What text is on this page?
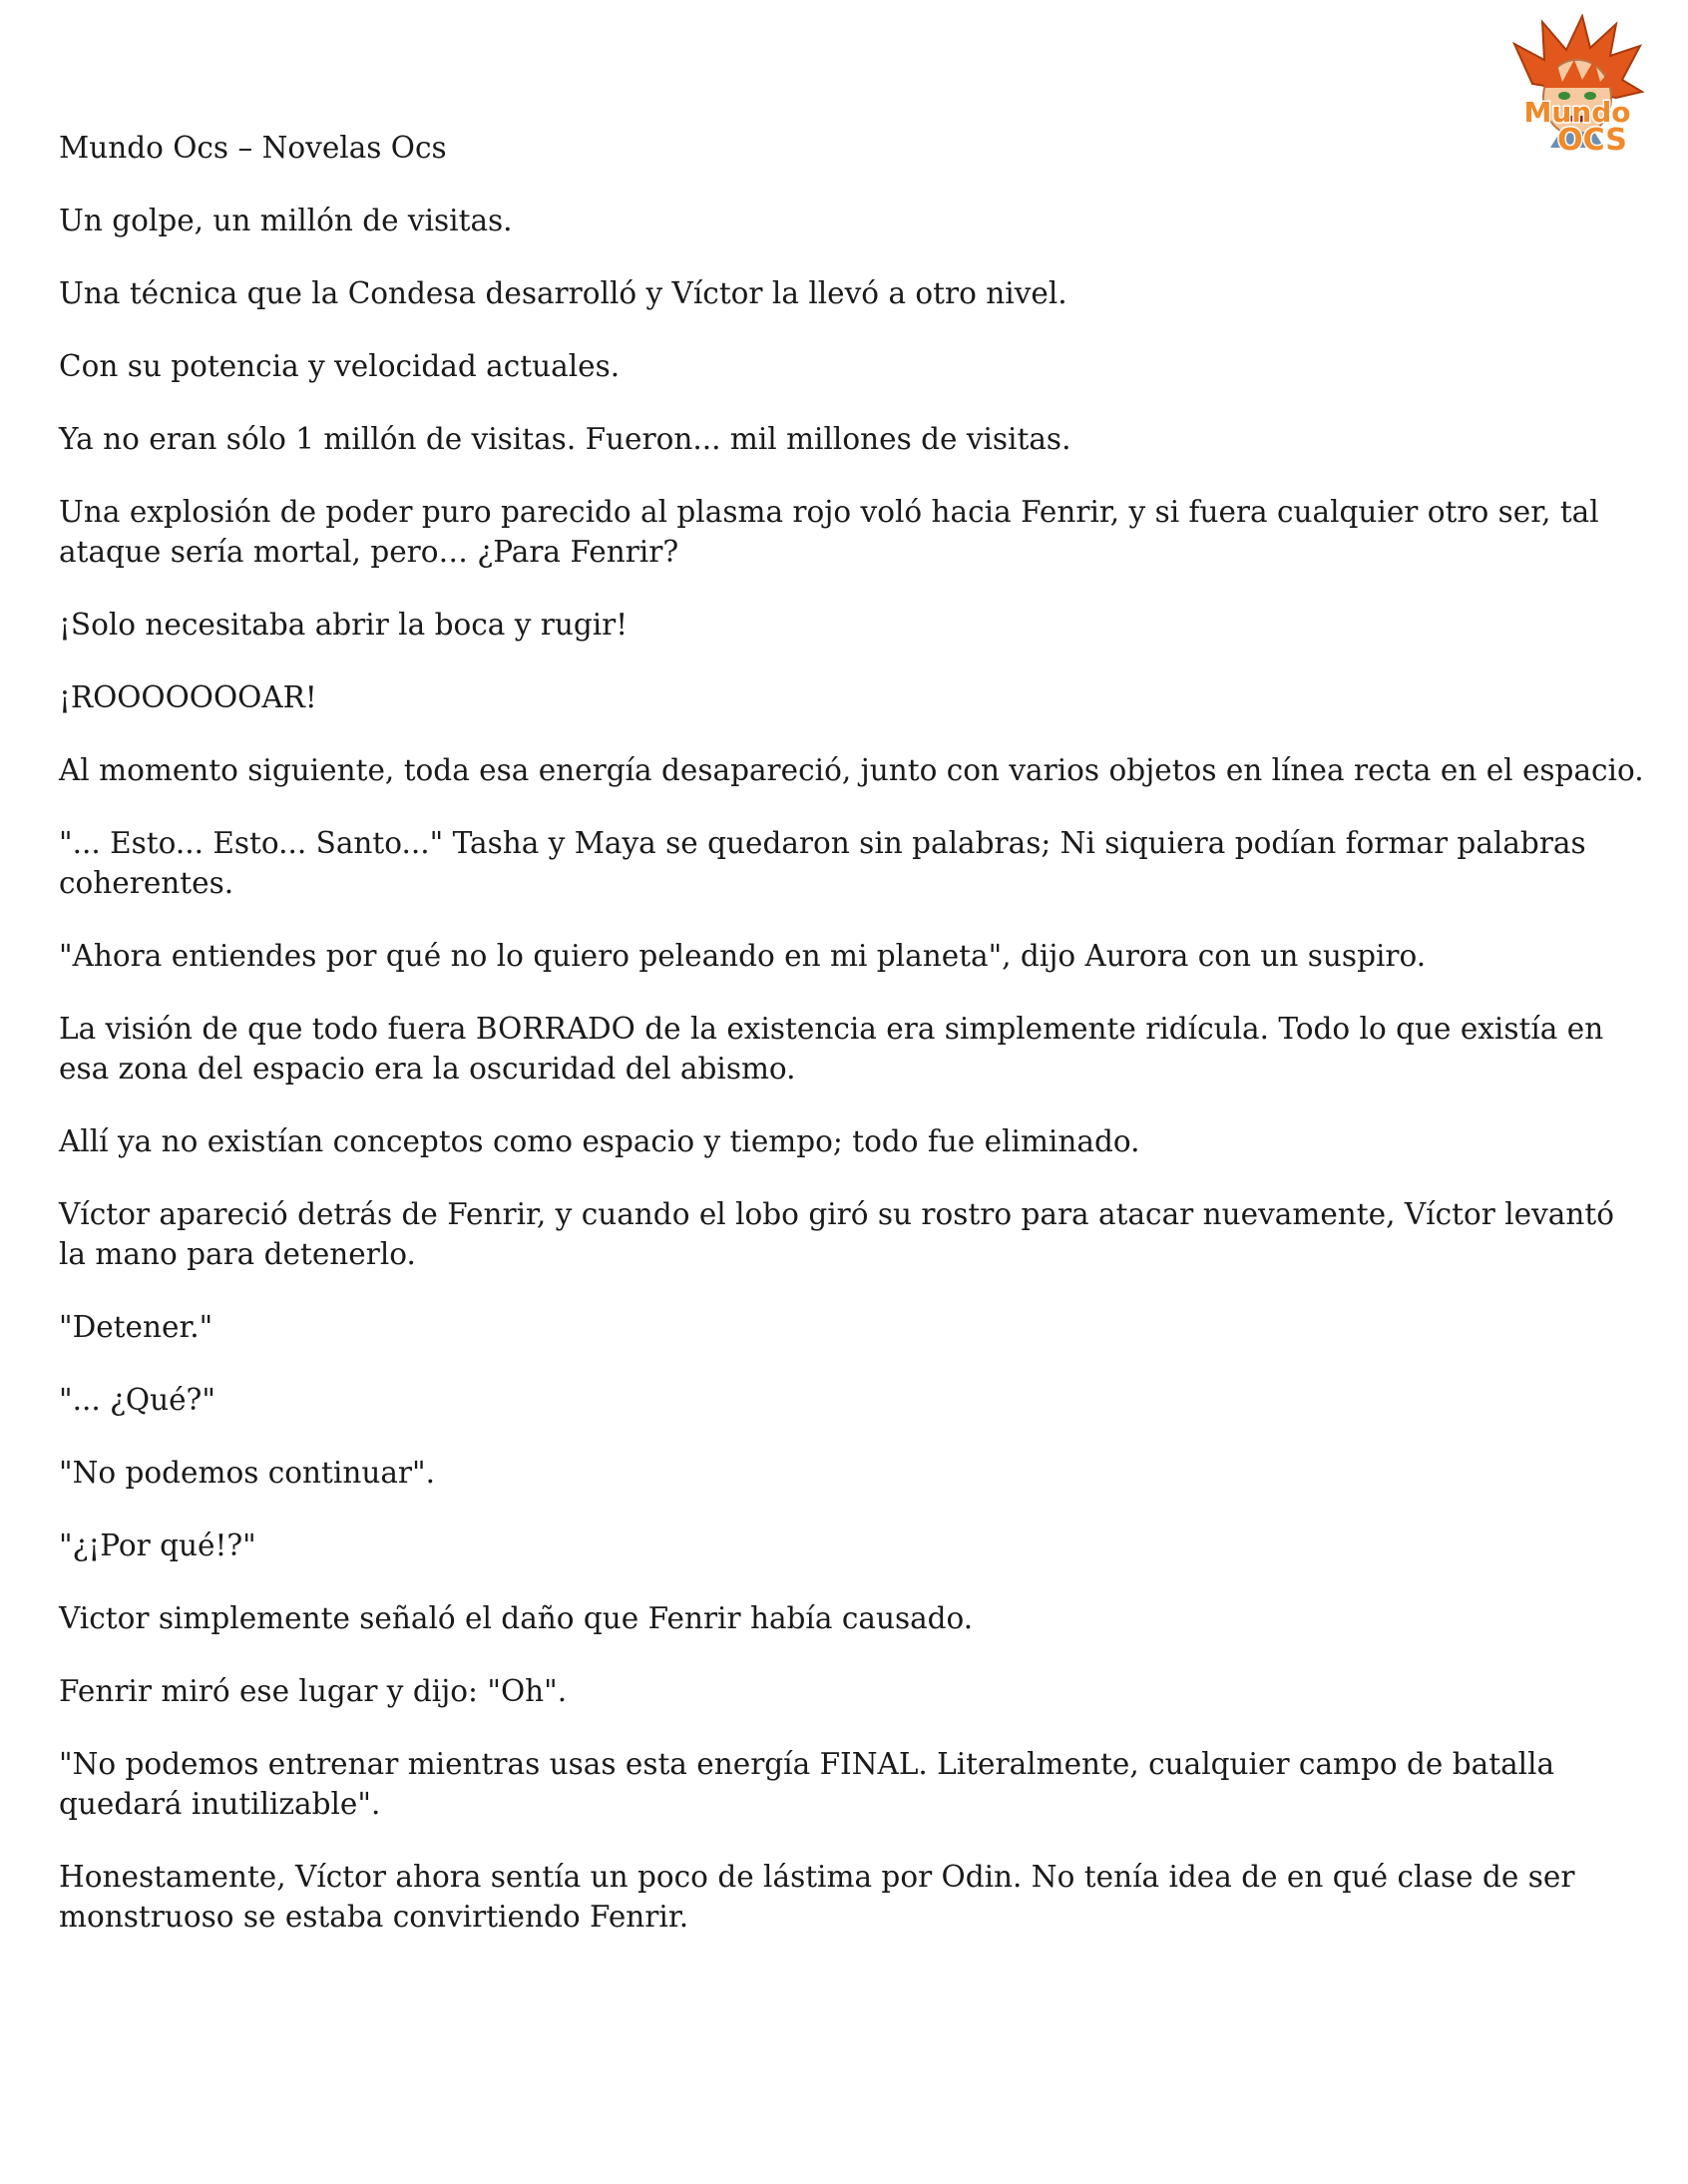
Mundo
OCS
Mundo Ocs – Novelas Ocs

Un golpe, un millón de visitas.

Una técnica que la Condesa desarrolló y Víctor la llevó a otro nivel.

Con su potencia y velocidad actuales.

Ya no eran sólo 1 millón de visitas. Fueron... mil millones de visitas.

Una explosión de poder puro parecido al plasma rojo voló hacia Fenrir, y si fuera cualquier otro ser, tal ataque sería mortal, pero… ¿Para Fenrir?

¡Solo necesitaba abrir la boca y rugir!

¡ROOOOOOOAR!

Al momento siguiente, toda esa energía desapareció, junto con varios objetos en línea recta en el espacio.

"... Esto... Esto... Santo..." Tasha y Maya se quedaron sin palabras; Ni siquiera podían formar palabras coherentes.

"Ahora entiendes por qué no lo quiero peleando en mi planeta", dijo Aurora con un suspiro.

La visión de que todo fuera BORRADO de la existencia era simplemente ridícula. Todo lo que existía en esa zona del espacio era la oscuridad del abismo.

Allí ya no existían conceptos como espacio y tiempo; todo fue eliminado.

Víctor apareció detrás de Fenrir, y cuando el lobo giró su rostro para atacar nuevamente, Víctor levantó la mano para detenerlo.

"Detener."

"... ¿Qué?"

"No podemos continuar".

"¿¡Por qué!?"

Victor simplemente señaló el daño que Fenrir había causado.

Fenrir miró ese lugar y dijo: "Oh".

"No podemos entrenar mientras usas esta energía FINAL. Literalmente, cualquier campo de batalla quedará inutilizable".

Honestamente, Víctor ahora sentía un poco de lástima por Odin. No tenía idea de en qué clase de ser monstruoso se estaba convirtiendo Fenrir.
